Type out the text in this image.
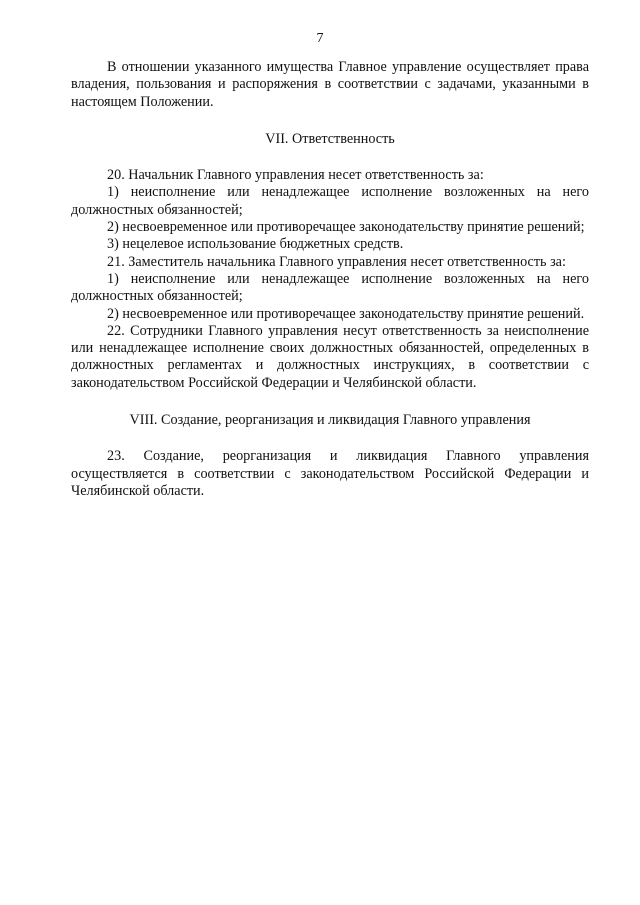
7

В отношении указанного имущества Главное управление осуществляет права владения, пользования и распоряжения в соответствии с задачами, указанными в настоящем Положении.

VII. Ответственность

20. Начальник Главного управления несет ответственность за:

1) неисполнение или ненадлежащее исполнение возложенных на него должностных обязанностей;

2) несвоевременное или противоречащее законодательству принятие решений;

3) нецелевое использование бюджетных средств.

21. Заместитель начальника Главного управления несет ответственность за:

1) неисполнение или ненадлежащее исполнение возложенных на него должностных обязанностей;

2) несвоевременное или противоречащее законодательству принятие решений.

22. Сотрудники Главного управления несут ответственность за неисполнение или ненадлежащее исполнение своих должностных обязанностей, определенных в должностных регламентах и должностных инструкциях, в соответствии с законодательством Российской Федерации и Челябинской области.

VIII. Создание, реорганизация и ликвидация Главного управления

23. Создание, реорганизация и ликвидация Главного управления осуществляется в соответствии с законодательством Российской Федерации и Челябинской области.
